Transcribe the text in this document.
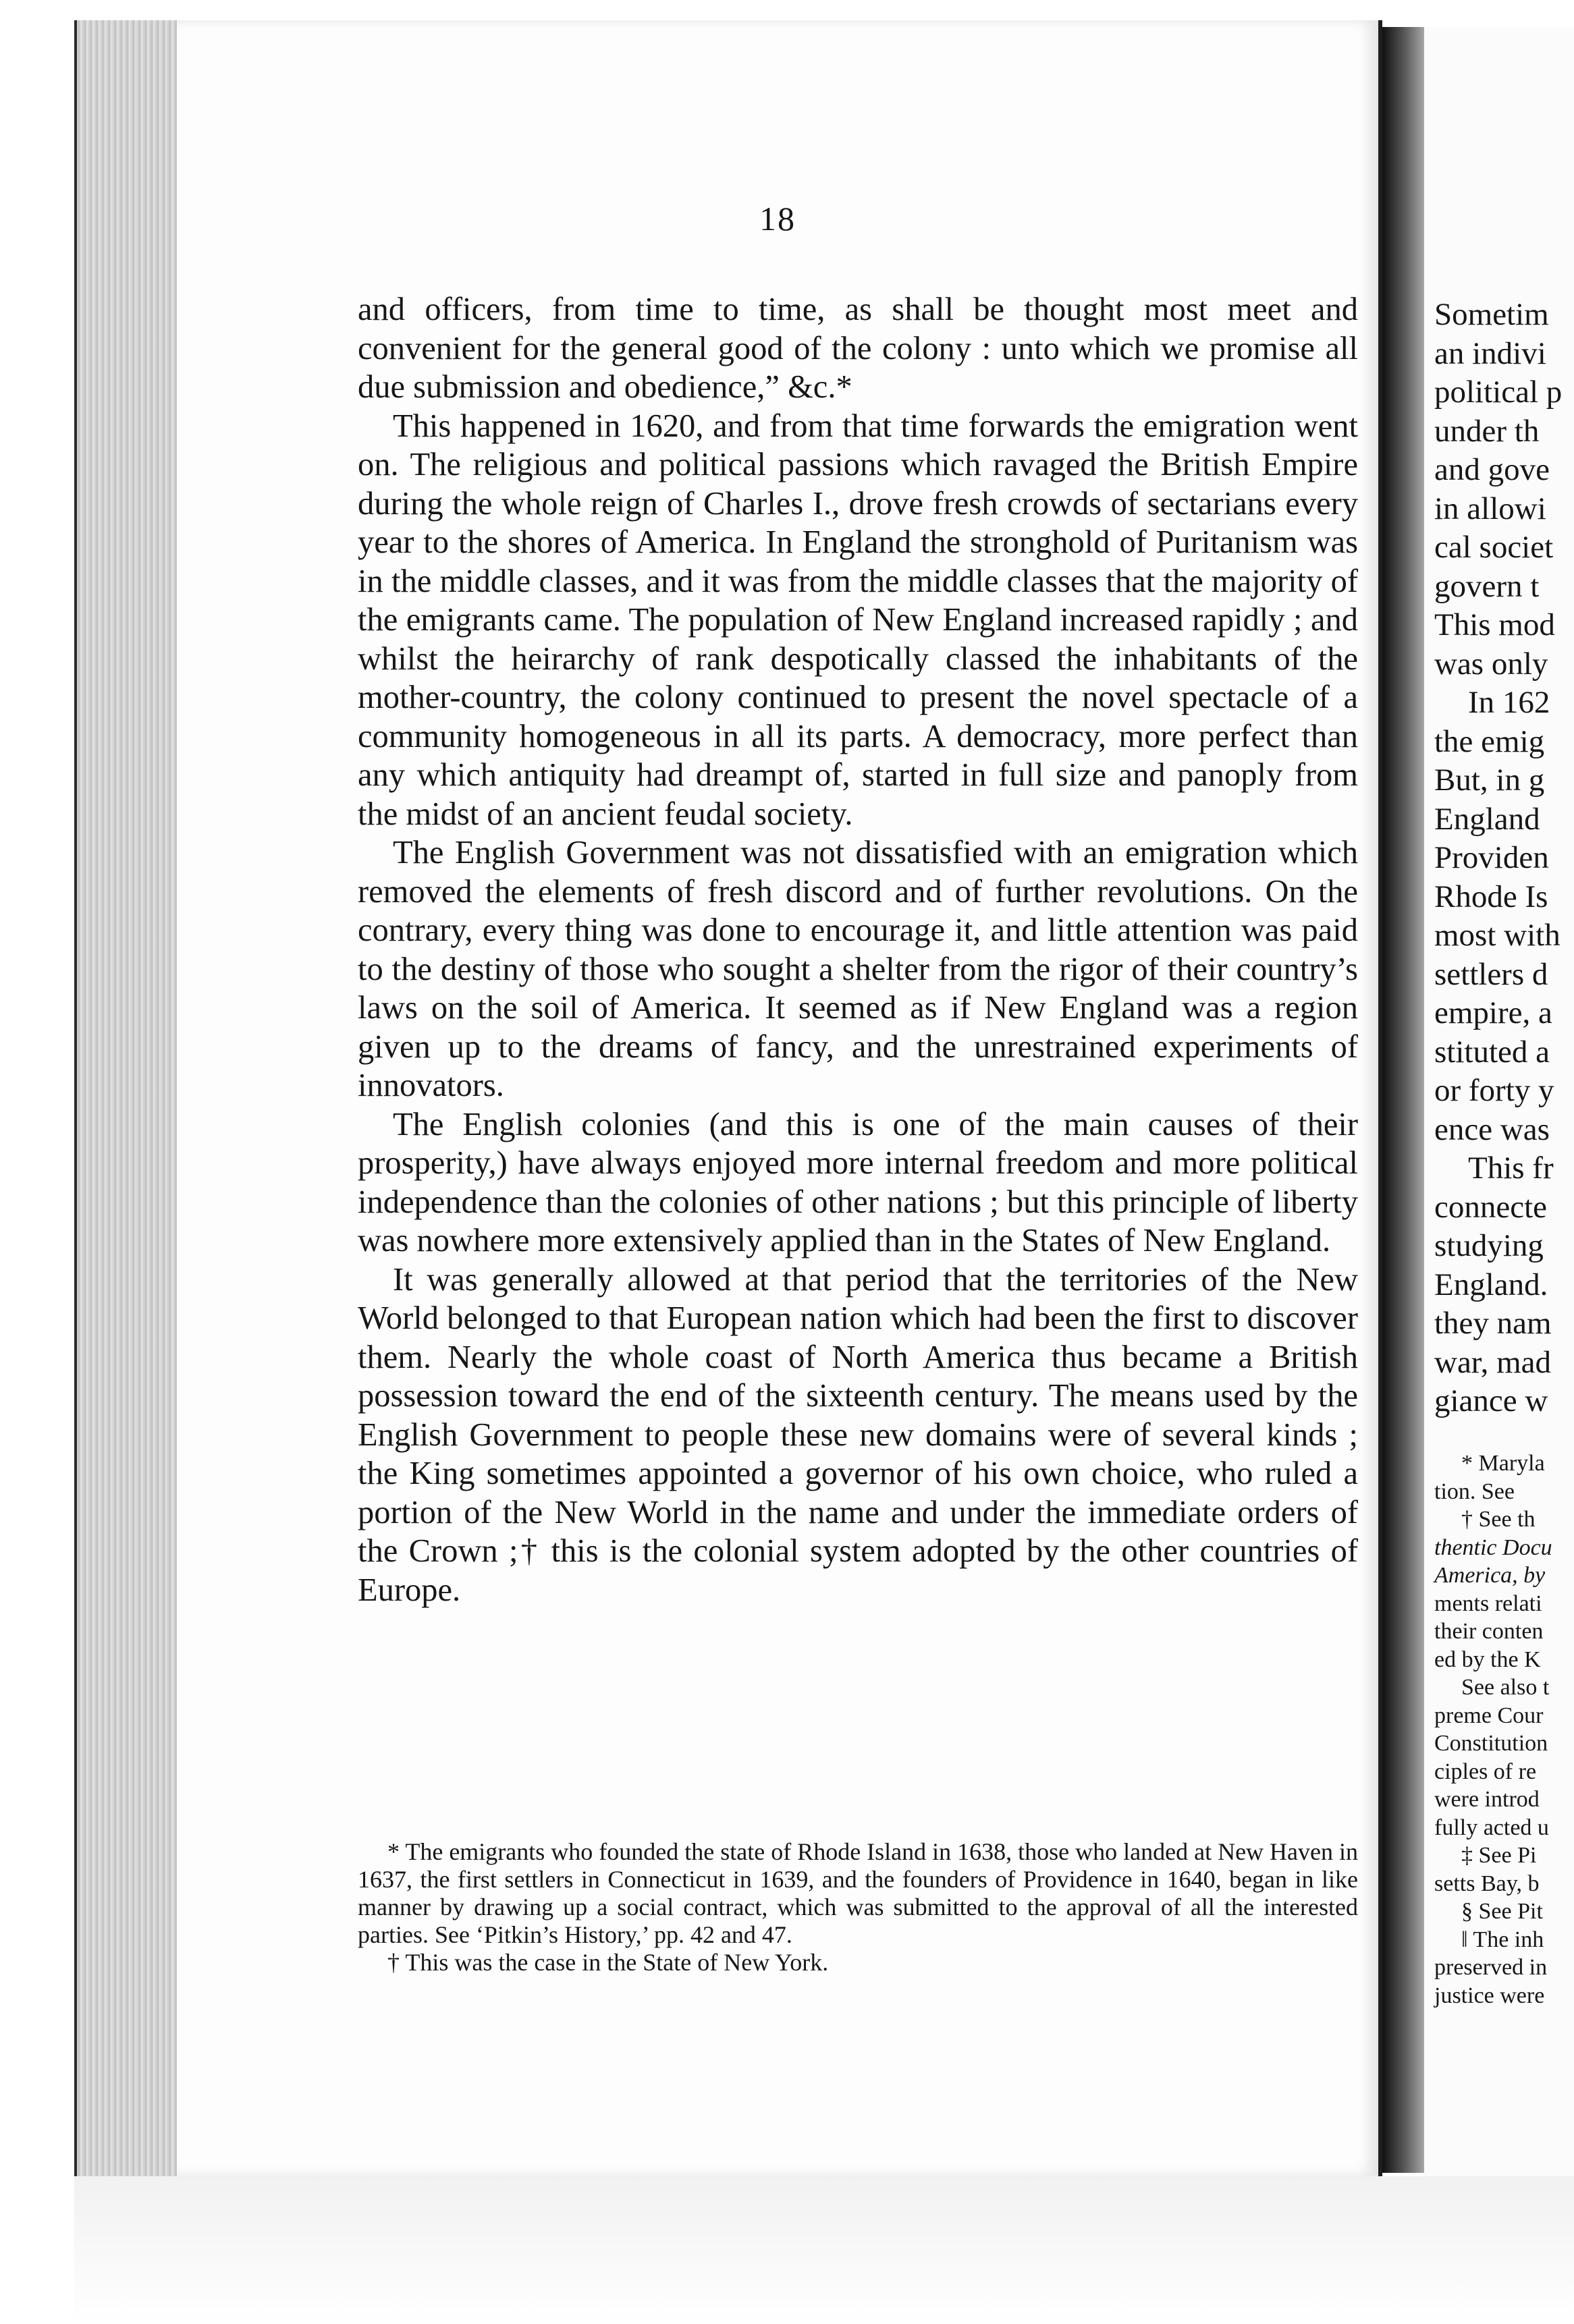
18

and officers, from time to time, as shall be thought most meet and convenient for the general good of the colony : unto which we promise all due submission and obedience,” &c.*

This happened in 1620, and from that time forwards the emigration went on. The religious and political passions which ravaged the British Empire during the whole reign of Charles I., drove fresh crowds of sectarians every year to the shores of America. In England the stronghold of Puritanism was in the middle classes, and it was from the middle classes that the majority of the emigrants came. The population of New England increased rapidly ; and whilst the heirarchy of rank despotically classed the inhabitants of the mother-country, the colony continued to present the novel spectacle of a community homogeneous in all its parts. A democracy, more perfect than any which antiquity had dreampt of, started in full size and panoply from the midst of an ancient feudal society.

The English Government was not dissatisfied with an emigration which removed the elements of fresh discord and of further revolutions. On the contrary, every thing was done to encourage it, and little attention was paid to the destiny of those who sought a shelter from the rigor of their country’s laws on the soil of America. It seemed as if New England was a region given up to the dreams of fancy, and the unrestrained experiments of innovators.

The English colonies (and this is one of the main causes of their prosperity,) have always enjoyed more internal freedom and more political independence than the colonies of other nations ; but this principle of liberty was nowhere more extensively applied than in the States of New England.

It was generally allowed at that period that the territories of the New World belonged to that European nation which had been the first to discover them. Nearly the whole coast of North America thus became a British possession toward the end of the sixteenth century. The means used by the English Government to people these new domains were of several kinds ; the King sometimes appointed a governor of his own choice, who ruled a portion of the New World in the name and under the immediate orders of the Crown ;† this is the colonial system adopted by the other countries of Europe.

* The emigrants who founded the state of Rhode Island in 1638, those who landed at New Haven in 1637, the first settlers in Connecticut in 1639, and the founders of Providence in 1640, began in like manner by drawing up a social contract, which was submitted to the approval of all the interested parties. See ‘Pitkin’s History,’ pp. 42 and 47.

† This was the case in the State of New York.

Sometim
an indivi
political p
under th
and gove
in allowi
cal societ
govern t
This mod
was only
In 162
the emig
But, in g
England
Providen
Rhode Is
most with
settlers d
empire, a
stituted a
or forty y
ence was
This fr
connecte
studying
England.
they nam
war, mad
giance w
* Maryla
tion. See
† See th
thentic Docu
America, by
ments relati
their conten
ed by the K
See also t
preme Cour
Constitution
ciples of re
were introd
fully acted u
‡ See Pi
setts Bay, b
§ See Pit
‖ The inh
preserved in
justice were
